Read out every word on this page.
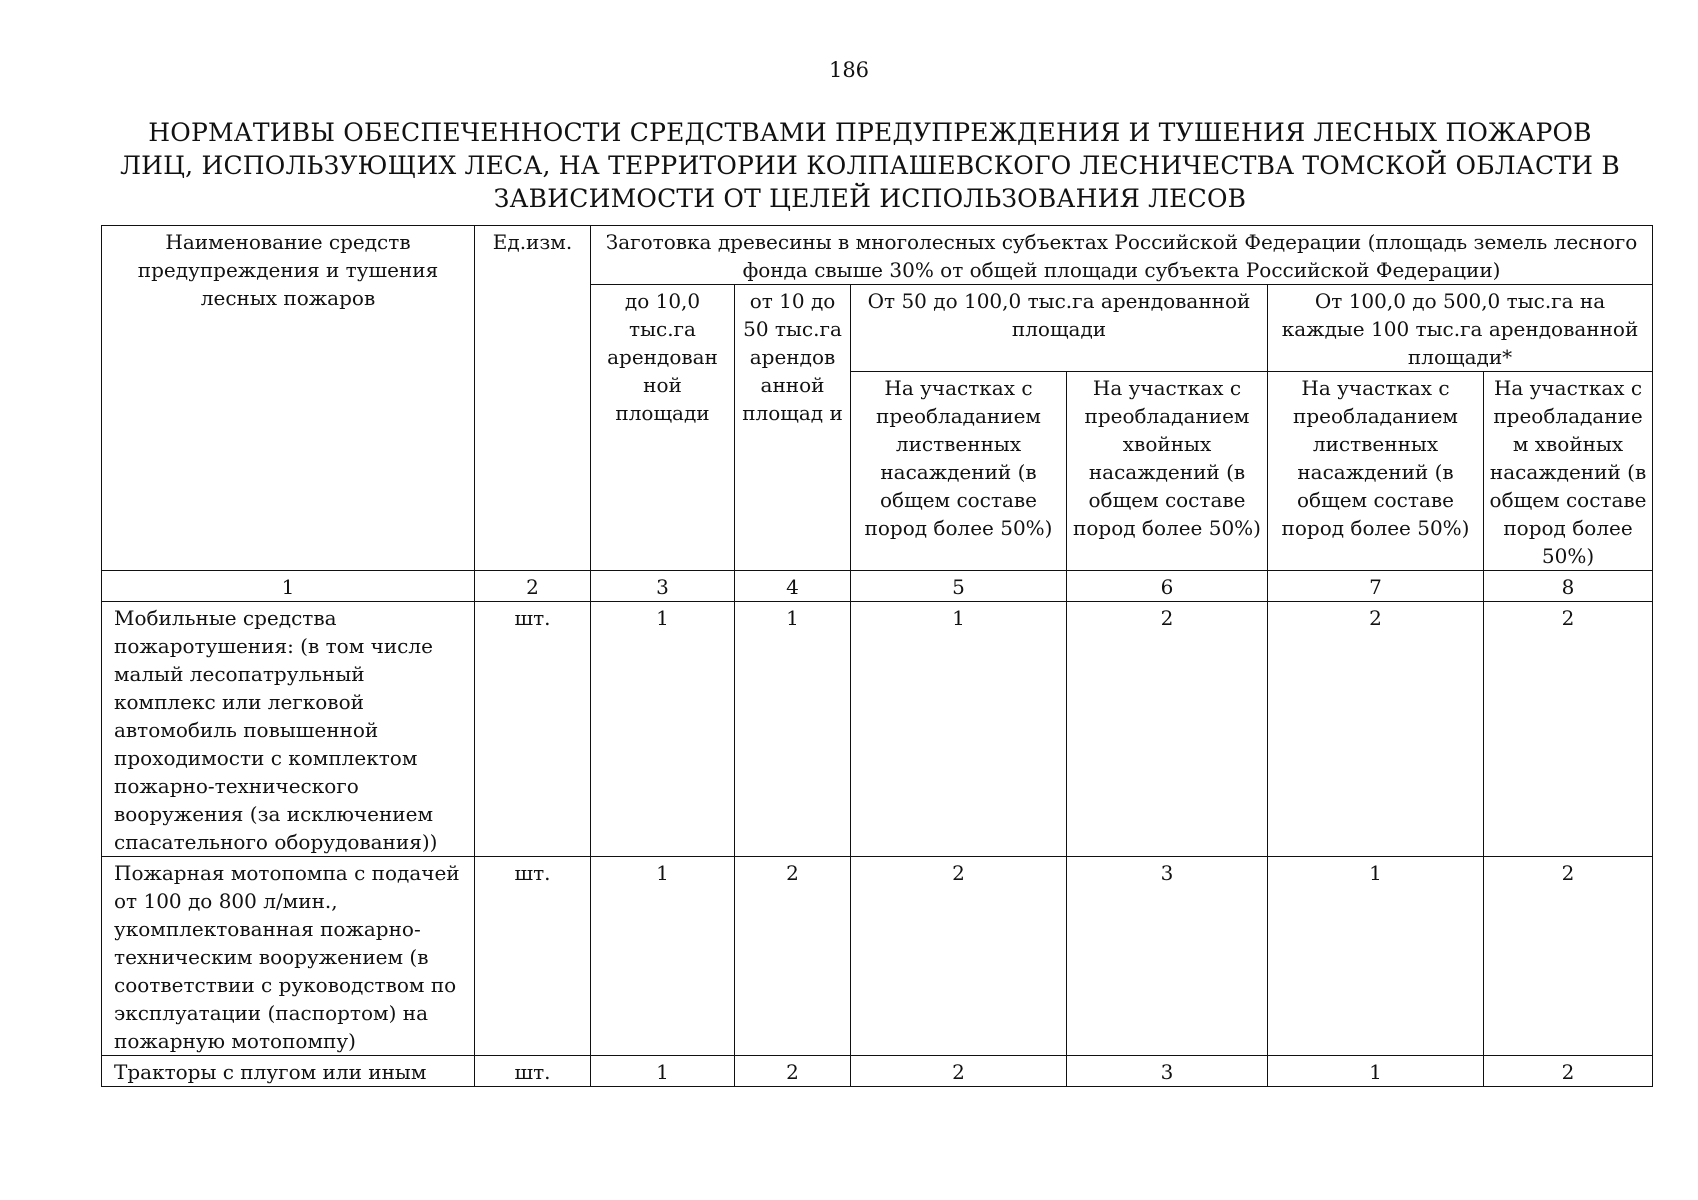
186
НОРМАТИВЫ ОБЕСПЕЧЕННОСТИ СРЕДСТВАМИ ПРЕДУПРЕЖДЕНИЯ И ТУШЕНИЯ ЛЕСНЫХ ПОЖАРОВ
ЛИЦ, ИСПОЛЬЗУЮЩИХ ЛЕСА, НА ТЕРРИТОРИИ КОЛПАШЕВСКОГО ЛЕСНИЧЕСТВА ТОМСКОЙ ОБЛАСТИ В
ЗАВИСИМОСТИ ОТ ЦЕЛЕЙ ИСПОЛЬЗОВАНИЯ ЛЕСОВ
Наименование средств предупреждения и тушения лесных пожаров	Ед.изм.	Заготовка древесины в многолесных субъектах Российской Федерации (площадь земель лесного фонда свыше 30% от общей площади субъекта Российской Федерации)					
		до 10,0 тыс.га арендован ной площади	от 10 до 50 тыс.га арендов анной площад и	От 50 до 100,0 тыс.га арендованной площади		От 100,0 до 500,0 тыс.га на каждые 100 тыс.га арендованной площади*	
				На участках с преобладанием лиственных насаждений (в общем составе пород более 50%)	На участках с преобладанием хвойных насаждений (в общем составе пород более 50%)	На участках с преобладанием лиственных насаждений (в общем составе пород более 50%)	На участках с преобладание м хвойных насаждений (в общем составе пород более 50%)
1	2	3	4	5	6	7	8
Мобильные средства пожаротушения: (в том числе малый лесопатрульный комплекс или легковой автомобиль повышенной проходимости с комплектом пожарно-технического вооружения (за исключением спасательного оборудования))	шт.	1	1	1	2	2	2
Пожарная мотопомпа с подачей от 100 до 800 л/мин., укомплектованная пожарно-техническим вооружением (в соответствии с руководством по эксплуатации (паспортом) на пожарную мотопомпу)	шт.	1	2	2	3	1	2
Тракторы с плугом или иным	шт.	1	2	2	3	1	2
